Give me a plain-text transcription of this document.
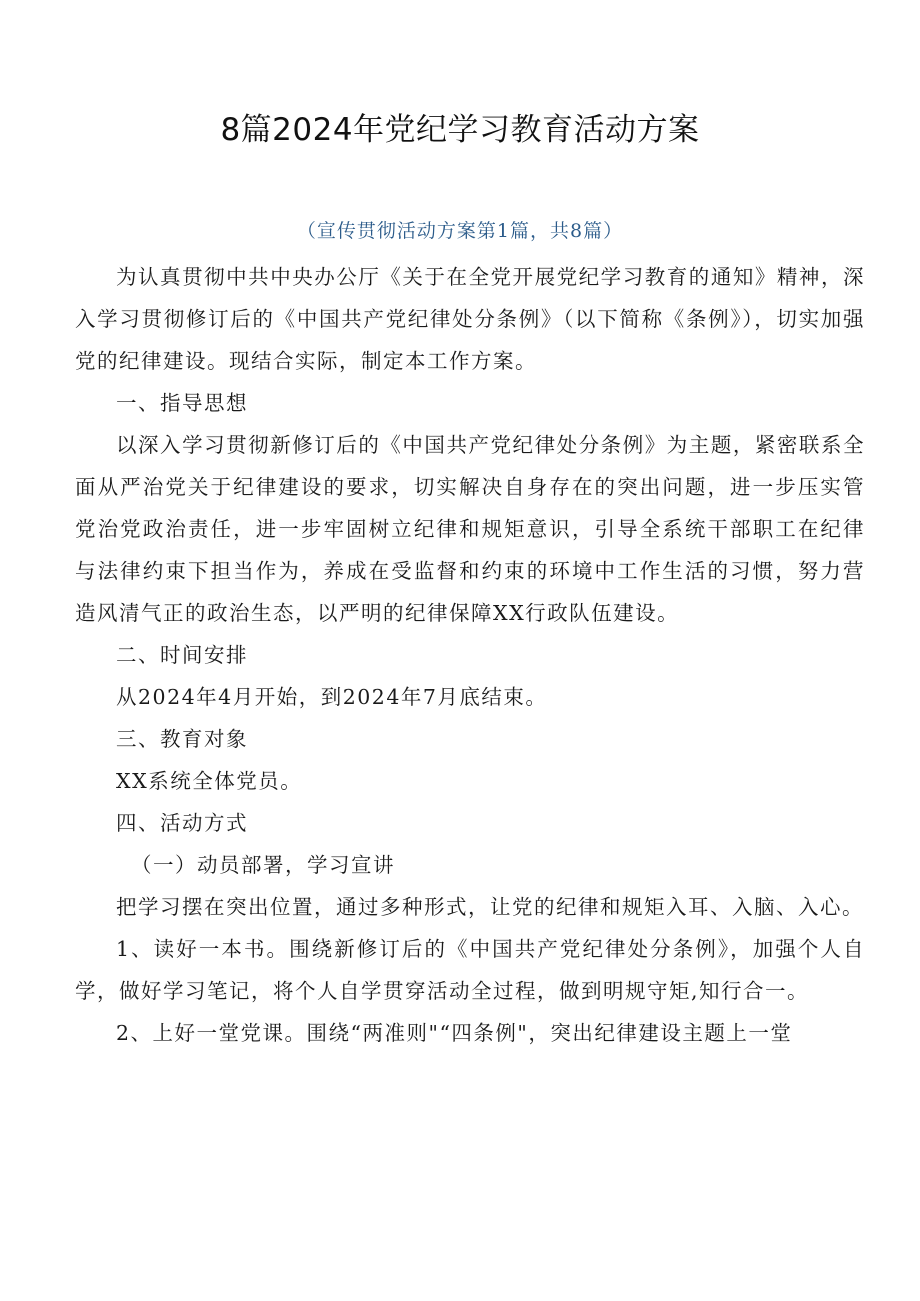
8篇2024年党纪学习教育活动方案
（宣传贯彻活动方案第1篇，共8篇）

为认真贯彻中共中央办公厅《关于在全党开展党纪学习教育的通知》精神，深入学习贯彻修订后的《中国共产党纪律处分条例》（以下简称《条例》），切实加强党的纪律建设。现结合实际，制定本工作方案。

一、指导思想

以深入学习贯彻新修订后的《中国共产党纪律处分条例》为主题，紧密联系全面从严治党关于纪律建设的要求，切实解决自身存在的突出问题，进一步压实管党治党政治责任，进一步牢固树立纪律和规矩意识，引导全系统干部职工在纪律与法律约束下担当作为，养成在受监督和约束的环境中工作生活的习惯，努力营造风清气正的政治生态，以严明的纪律保障XX行政队伍建设。

二、时间安排

从2024年4月开始，到2024年7月底结束。

三、教育对象

XX系统全体党员。

四、活动方式

（一）动员部署，学习宣讲

把学习摆在突出位置，通过多种形式，让党的纪律和规矩入耳、入脑、入心。

1、读好一本书。围绕新修订后的《中国共产党纪律处分条例》，加强个人自学，做好学习笔记，将个人自学贯穿活动全过程，做到明规守矩,知行合一。

2、上好一堂党课。围绕“两准则"“四条例"，突出纪律建设主题上一堂
